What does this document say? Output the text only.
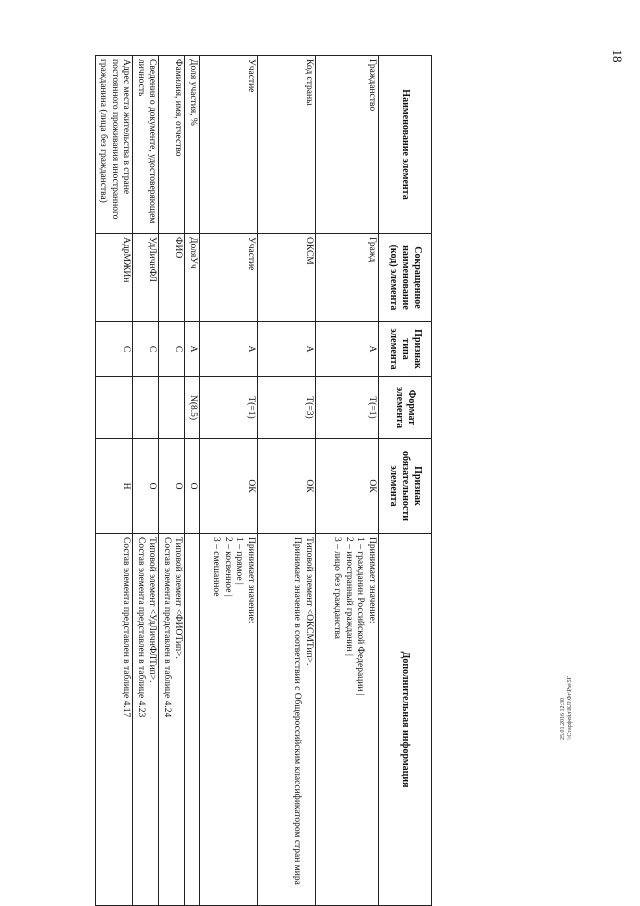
18
Наименование элемента	Сокращенное наименование (код) элемента	Признак типа элемента	Формат элемента	Признак обязательности элемента	Дополнительная информация
Гражданство	Гражд	А	T(=1)	ОК	Принимает значение:
1 – гражданин Российской Федерации |
2 – иностранный гражданин |
3 – лицо без гражданства

Код страны	ОКСМ	А	T(=3)	ОК	Типовой элемент <ОКСМТип>.
Принимает значение в соответствии с Общероссийским классификатором стран мира

Участие	Участие	А	T(=1)	ОК	Принимает значение:
1 – прямое |
2 – косвенное |
3 – смешанное

Доля участия, %	ДоляУч	А	N(8.5)	О	
Фамилия, имя, отчество	ФИО	С		О	Типовой элемент <ФИОТип>.
Состав элемента представлен в таблице 4.24

Сведения о документе, удостоверяющем личность	УдЛичнФЛ	С		О	Типовой элемент <УдЛичнФЛТип>.
Состав элемента представлен в таблице 4.23

Адрес места жительства в стране постоянного проживания иностранного гражданина (лица без гражданства)	АдрМЖИн	С		Н	Состав элемента представлен в таблице 4.17
25.01.2016 12:30 \\Старфейл\КЛ\Фг\Рм\5Г
